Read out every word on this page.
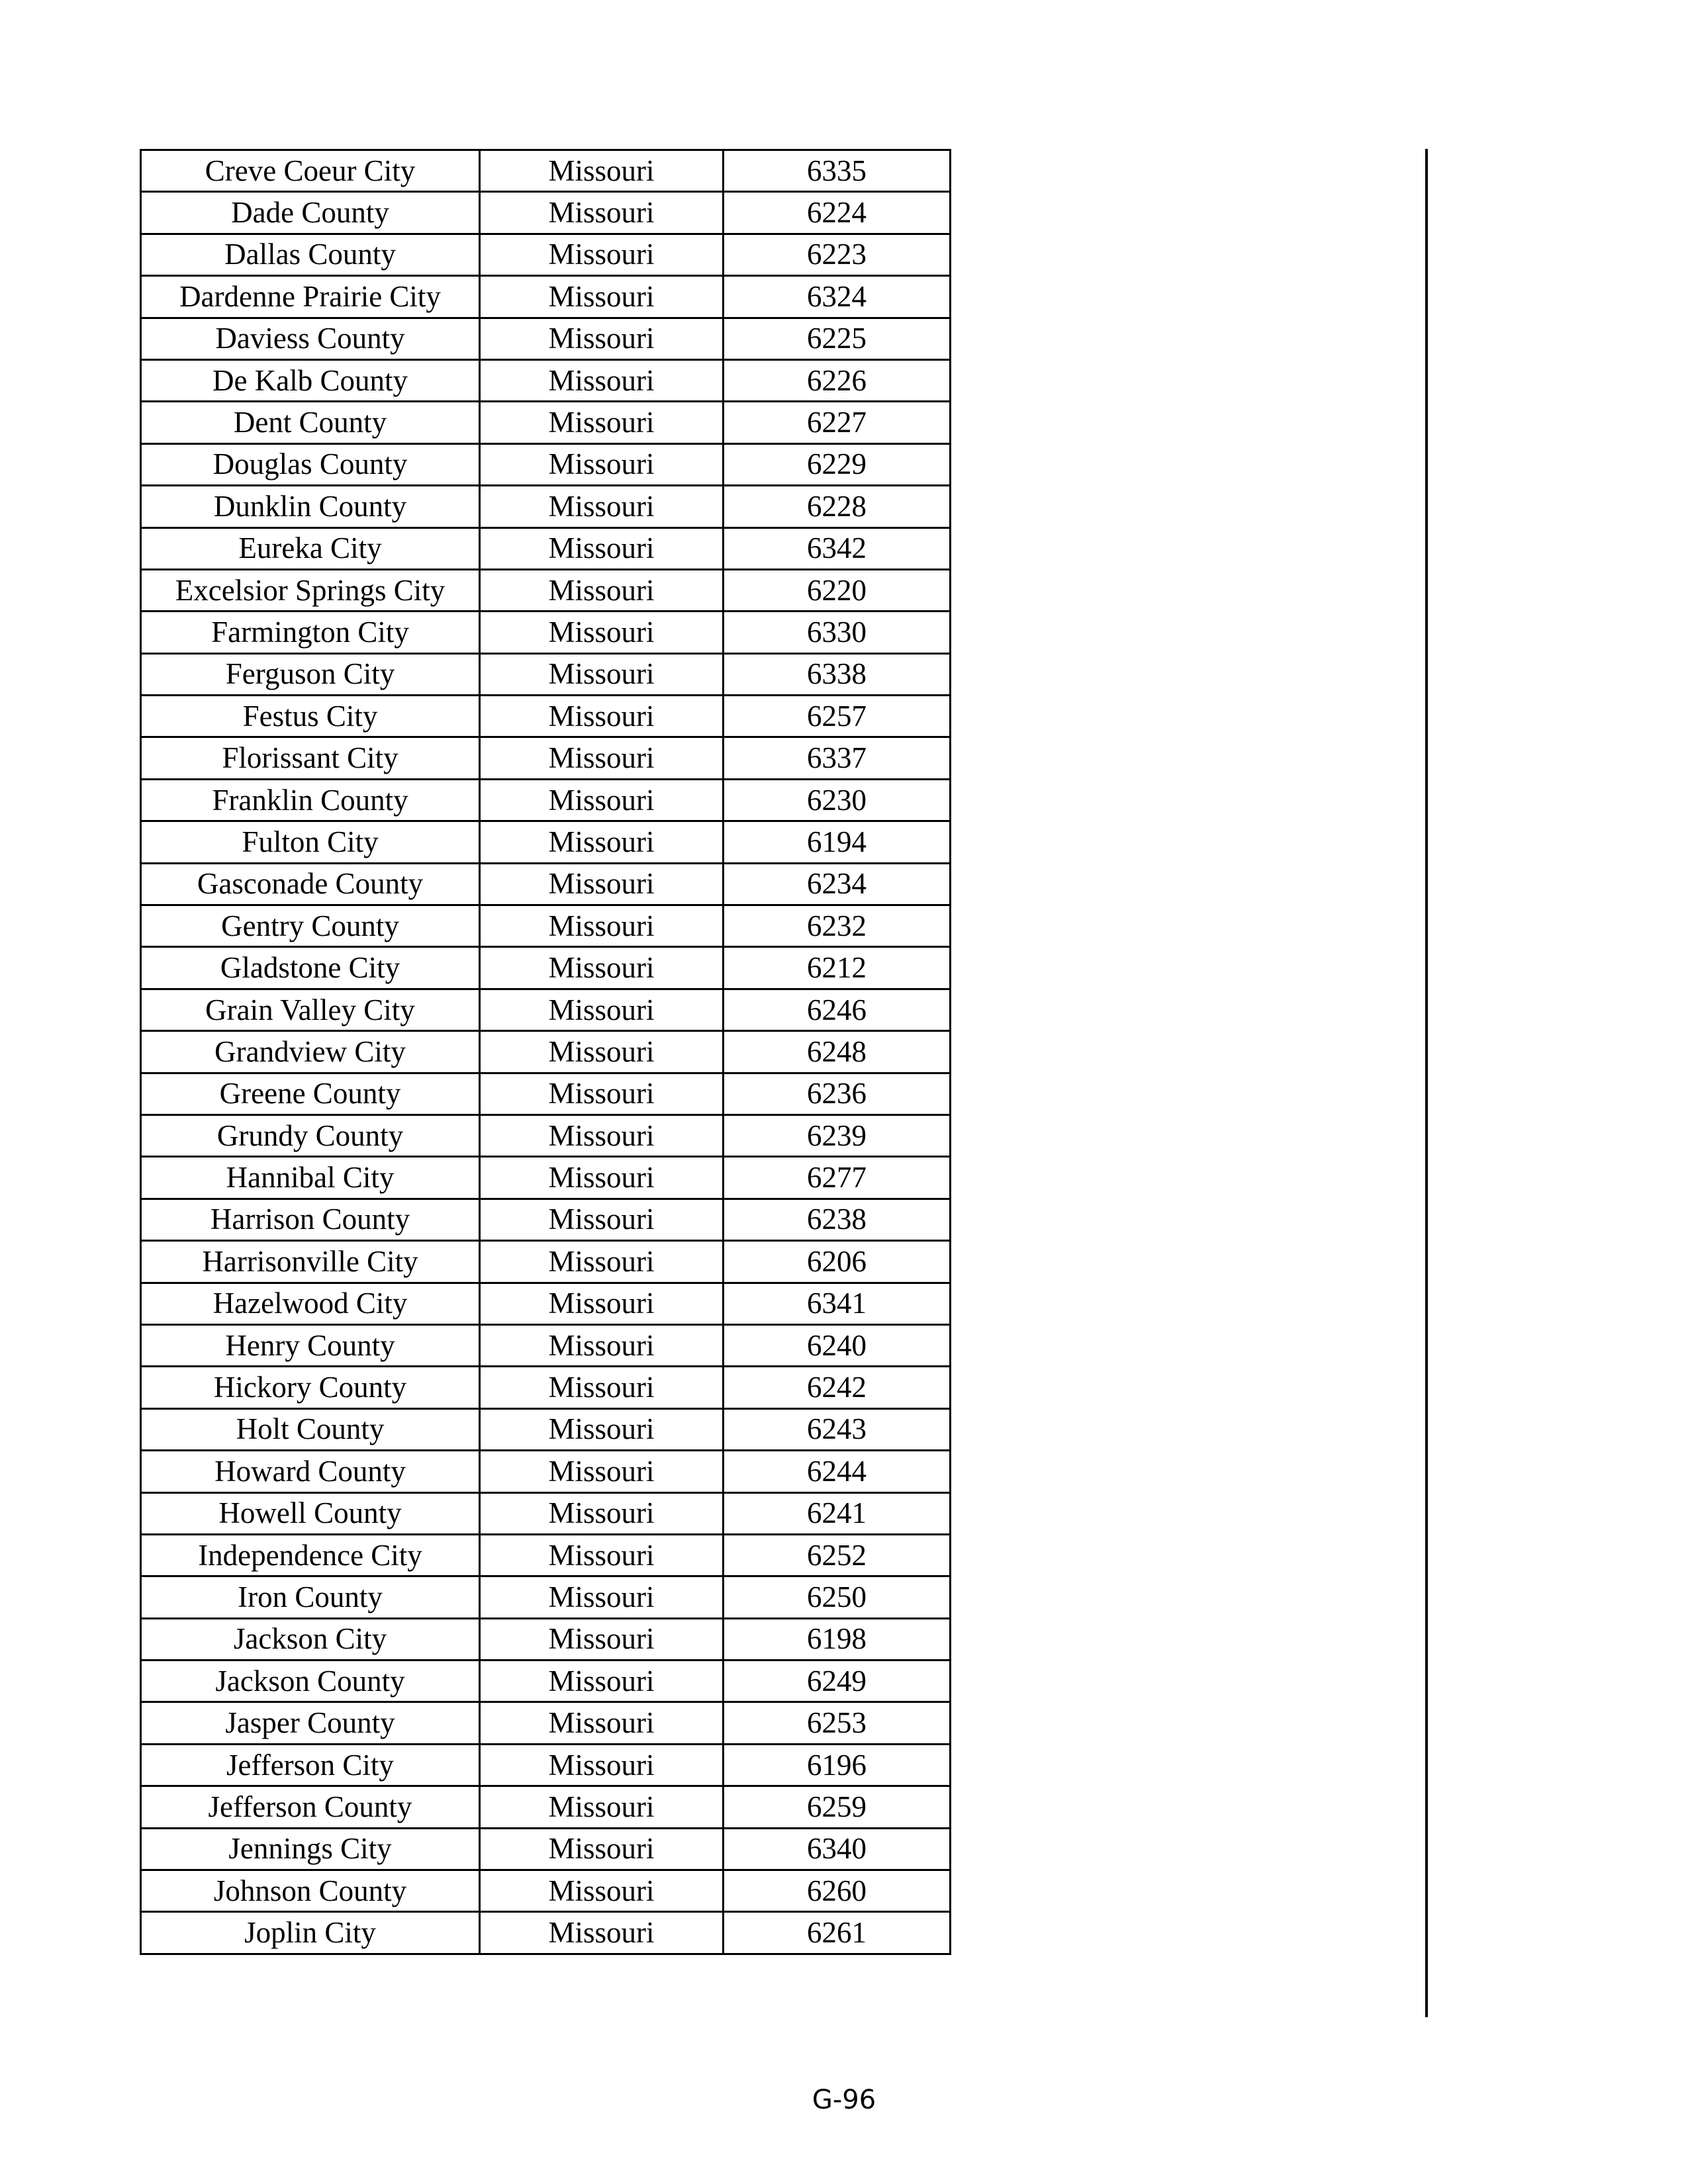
Creve Coeur City	Missouri	6335
Dade County	Missouri	6224
Dallas County	Missouri	6223
Dardenne Prairie City	Missouri	6324
Daviess County	Missouri	6225
De Kalb County	Missouri	6226
Dent County	Missouri	6227
Douglas County	Missouri	6229
Dunklin County	Missouri	6228
Eureka City	Missouri	6342
Excelsior Springs City	Missouri	6220
Farmington City	Missouri	6330
Ferguson City	Missouri	6338
Festus City	Missouri	6257
Florissant City	Missouri	6337
Franklin County	Missouri	6230
Fulton City	Missouri	6194
Gasconade County	Missouri	6234
Gentry County	Missouri	6232
Gladstone City	Missouri	6212
Grain Valley City	Missouri	6246
Grandview City	Missouri	6248
Greene County	Missouri	6236
Grundy County	Missouri	6239
Hannibal City	Missouri	6277
Harrison County	Missouri	6238
Harrisonville City	Missouri	6206
Hazelwood City	Missouri	6341
Henry County	Missouri	6240
Hickory County	Missouri	6242
Holt County	Missouri	6243
Howard County	Missouri	6244
Howell County	Missouri	6241
Independence City	Missouri	6252
Iron County	Missouri	6250
Jackson City	Missouri	6198
Jackson County	Missouri	6249
Jasper County	Missouri	6253
Jefferson City	Missouri	6196
Jefferson County	Missouri	6259
Jennings City	Missouri	6340
Johnson County	Missouri	6260
Joplin City	Missouri	6261
G-96
